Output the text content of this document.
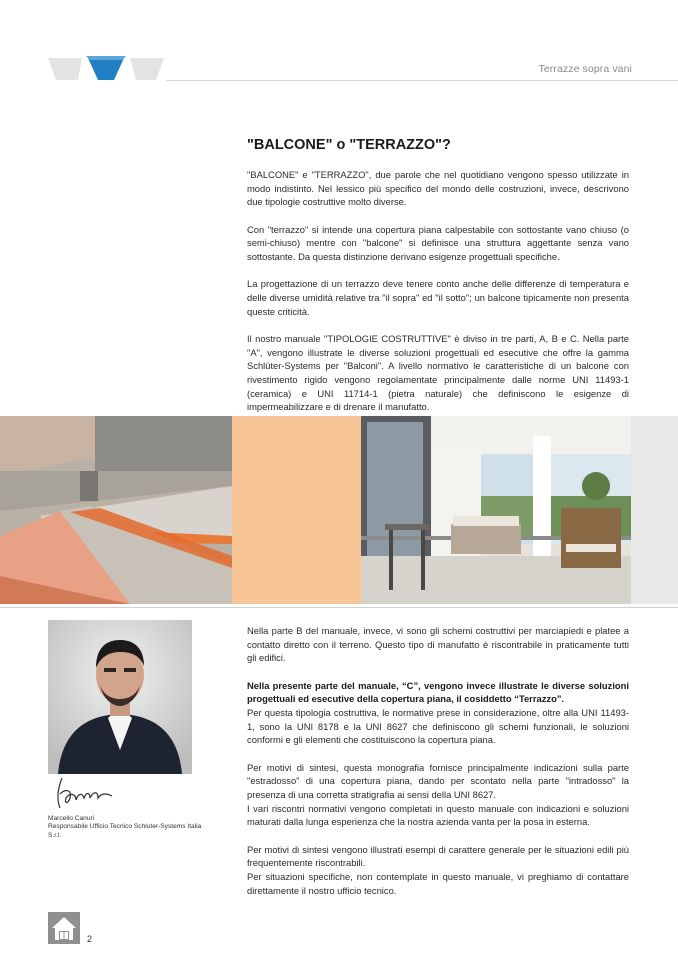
Terrazze sopra vani
"BALCONE" o "TERRAZZO"?

"BALCONE" e "TERRAZZO", due parole che nel quotidiano vengono spesso utilizzate in modo indistinto. Nel lessico più specifico del mondo delle costruzioni, invece, descrivono due tipologie costruttive molto diverse.

Con "terrazzo" si intende una copertura piana calpestabile con sottostante vano chiuso (o semi-chiuso) mentre con "balcone" si definisce una struttura aggettante senza vano sottostante. Da questa distinzione derivano esigenze progettuali specifiche.

La progettazione di un terrazzo deve tenere conto anche delle differenze di temperatura e delle diverse umidità relative tra "il sopra" ed "il sotto"; un balcone tipicamente non presenta queste criticità.

Il nostro manuale "TIPOLOGIE COSTRUTTIVE" è diviso in tre parti, A, B e C. Nella parte "A", vengono illustrate le diverse soluzioni progettuali ed esecutive che offre la gamma Schlüter-Systems per "Balconi". A livello normativo le caratteristiche di un balcone con rivestimento rigido vengono regolamentate principalmente dalle norme UNI 11493-1 (ceramica) e UNI 11714-1 (pietra naturale) che definiscono le esigenze di impermeabilizzare e di drenare il manufatto.

Marcello Canuri
Responsabile Ufficio Tecnico Schluter-Systems Italia
S.r.l.

Nella parte B del manuale, invece, vi sono gli schemi costruttivi per marciapiedi e platee a contatto diretto con il terreno. Questo tipo di manufatto è riscontrabile in praticamente tutti gli edifici.

Nella presente parte del manuale, “C”, vengono invece illustrate le diverse soluzioni progettuali ed esecutive della copertura piana, il cosiddetto “Terrazzo”.

Per questa tipologia costruttiva, le normative prese in considerazione, oltre alla UNI 11493-1, sono la UNI 8178 e la UNI 8627 che definiscono gli schemi funzionali, le soluzioni conformi e gli elementi che costituiscono la copertura piana.

Per motivi di sintesi, questa monografia fornisce principalmente indicazioni sulla parte "estradosso" di una copertura piana, dando per scontato nella parte "intradosso" la presenza di una corretta stratigrafia ai sensi della UNI 8627.

I vari riscontri normativi vengono completati in questo manuale con indicazioni e soluzioni maturati dalla lunga esperienza che la nostra azienda vanta per la posa in esterna.

Per motivi di sintesi vengono illustrati esempi di carattere generale per le situazioni edili più frequentemente riscontrabili.

Per situazioni specifiche, non contemplate in questo manuale, vi preghiamo di contattare direttamente il nostro ufficio tecnico.

2
